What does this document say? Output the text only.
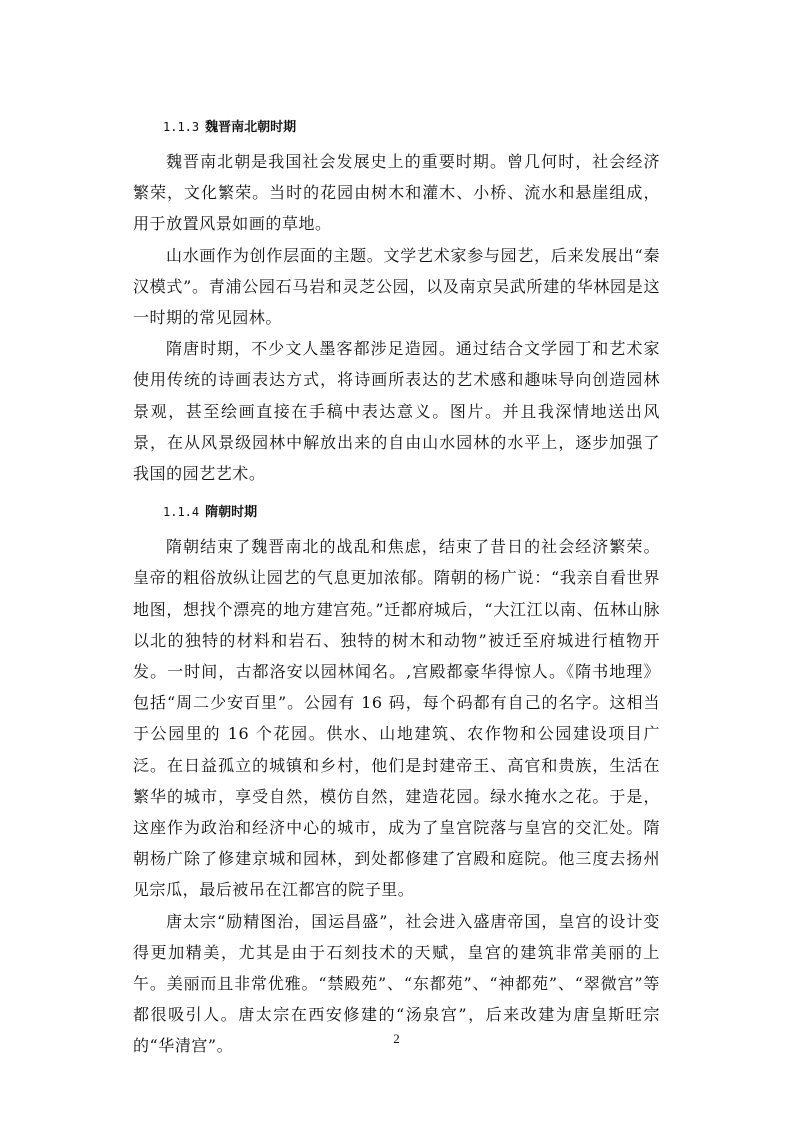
1.1.3 魏晋南北朝时期

魏晋南北朝是我国社会发展史上的重要时期。曾几何时，社会经济繁荣，文化繁荣。当时的花园由树木和灌木、小桥、流水和悬崖组成，用于放置风景如画的草地。

山水画作为创作层面的主题。文学艺术家参与园艺，后来发展出“秦汉模式”。青浦公园石马岩和灵芝公园，以及南京吴武所建的华林园是这一时期的常见园林。

隋唐时期，不少文人墨客都涉足造园。通过结合文学园丁和艺术家使用传统的诗画表达方式，将诗画所表达的艺术感和趣味导向创造园林景观，甚至绘画直接在手稿中表达意义。图片。并且我深情地送出风景，在从风景级园林中解放出来的自由山水园林的水平上，逐步加强了我国的园艺艺术。

1.1.4 隋朝时期

隋朝结束了魏晋南北的战乱和焦虑，结束了昔日的社会经济繁荣。皇帝的粗俗放纵让园艺的气息更加浓郁。隋朝的杨广说：“我亲自看世界地图，想找个漂亮的地方建宫苑。”迁都府城后，“大江江以南、伍林山脉以北的独特的材料和岩石、独特的树木和动物”被迁至府城进行植物开发。一时间，古都洛安以园林闻名。,宫殿都豪华得惊人。《隋书地理》包括“周二少安百里”。公园有 16 码，每个码都有自己的名字。这相当于公园里的 16 个花园。供水、山地建筑、农作物和公园建设项目广泛。在日益孤立的城镇和乡村，他们是封建帝王、高官和贵族，生活在繁华的城市，享受自然，模仿自然，建造花园。绿水掩水之花。于是，这座作为政治和经济中心的城市，成为了皇宫院落与皇宫的交汇处。隋朝杨广除了修建京城和园林，到处都修建了宫殿和庭院。他三度去扬州见宗瓜，最后被吊在江都宫的院子里。

唐太宗“励精图治，国运昌盛”，社会进入盛唐帝国，皇宫的设计变得更加精美，尤其是由于石刻技术的天赋，皇宫的建筑非常美丽的上午。美丽而且非常优雅。“禁殿苑”、“东都苑”、“神都苑”、“翠微宫”等都很吸引人。唐太宗在西安修建的“汤泉宫”，后来改建为唐皇斯旺宗的“华清宫”。	2
